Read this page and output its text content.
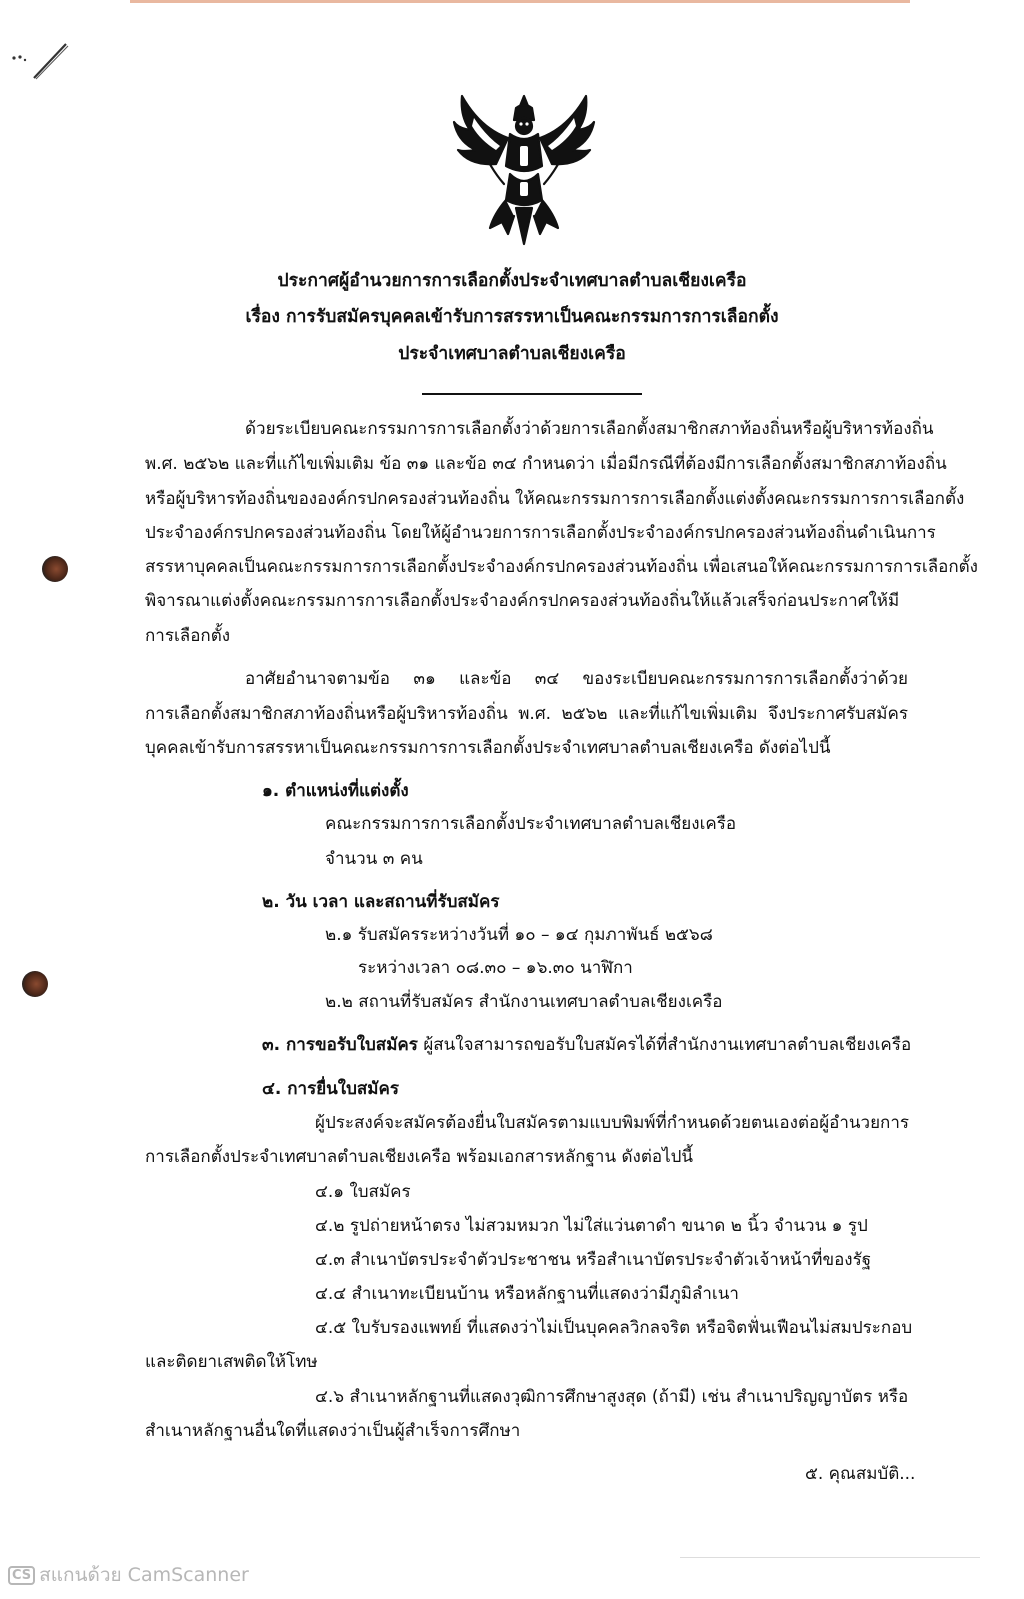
ประกาศผู้อำนวยการการเลือกตั้งประจำเทศบาลตำบลเชียงเครือ
เรื่อง การรับสมัครบุคคลเข้ารับการสรรหาเป็นคณะกรรมการการเลือกตั้ง
ประจำเทศบาลตำบลเชียงเครือ
ด้วยระเบียบคณะกรรมการการเลือกตั้งว่าด้วยการเลือกตั้งสมาชิกสภาท้องถิ่นหรือผู้บริหารท้องถิ่น
พ.ศ. ๒๕๖๒ และที่แก้ไขเพิ่มเติม ข้อ ๓๑ และข้อ ๓๔ กำหนดว่า เมื่อมีกรณีที่ต้องมีการเลือกตั้งสมาชิกสภาท้องถิ่น
หรือผู้บริหารท้องถิ่นขององค์กรปกครองส่วนท้องถิ่น ให้คณะกรรมการการเลือกตั้งแต่งตั้งคณะกรรมการการเลือกตั้ง
ประจำองค์กรปกครองส่วนท้องถิ่น โดยให้ผู้อำนวยการการเลือกตั้งประจำองค์กรปกครองส่วนท้องถิ่นดำเนินการ
สรรหาบุคคลเป็นคณะกรรมการการเลือกตั้งประจำองค์กรปกครองส่วนท้องถิ่น เพื่อเสนอให้คณะกรรมการการเลือกตั้ง
พิจารณาแต่งตั้งคณะกรรมการการเลือกตั้งประจำองค์กรปกครองส่วนท้องถิ่นให้แล้วเสร็จก่อนประกาศให้มี
การเลือกตั้ง
อาศัยอำนาจตามข้อ ๓๑ และข้อ ๓๔ ของระเบียบคณะกรรมการการเลือกตั้งว่าด้วย
การเลือกตั้งสมาชิกสภาท้องถิ่นหรือผู้บริหารท้องถิ่น พ.ศ. ๒๕๖๒ และที่แก้ไขเพิ่มเติม จึงประกาศรับสมัคร
บุคคลเข้ารับการสรรหาเป็นคณะกรรมการการเลือกตั้งประจำเทศบาลตำบลเชียงเครือ ดังต่อไปนี้
๑. ตำแหน่งที่แต่งตั้ง
คณะกรรมการการเลือกตั้งประจำเทศบาลตำบลเชียงเครือ
จำนวน ๓ คน
๒. วัน เวลา และสถานที่รับสมัคร
๒.๑ รับสมัครระหว่างวันที่ ๑๐ – ๑๔ กุมภาพันธ์ ๒๕๖๘
ระหว่างเวลา ๐๘.๓๐ – ๑๖.๓๐ นาฬิกา
๒.๒ สถานที่รับสมัคร สำนักงานเทศบาลตำบลเชียงเครือ
๓. การขอรับใบสมัคร ผู้สนใจสามารถขอรับใบสมัครได้ที่สำนักงานเทศบาลตำบลเชียงเครือ
๔. การยื่นใบสมัคร
ผู้ประสงค์จะสมัครต้องยื่นใบสมัครตามแบบพิมพ์ที่กำหนดด้วยตนเองต่อผู้อำนวยการ
การเลือกตั้งประจำเทศบาลตำบลเชียงเครือ พร้อมเอกสารหลักฐาน ดังต่อไปนี้
๔.๑ ใบสมัคร
๔.๒ รูปถ่ายหน้าตรง ไม่สวมหมวก ไม่ใส่แว่นตาดำ ขนาด ๒ นิ้ว จำนวน ๑ รูป
๔.๓ สำเนาบัตรประจำตัวประชาชน หรือสำเนาบัตรประจำตัวเจ้าหน้าที่ของรัฐ
๔.๔ สำเนาทะเบียนบ้าน หรือหลักฐานที่แสดงว่ามีภูมิลำเนา
๔.๕ ใบรับรองแพทย์ ที่แสดงว่าไม่เป็นบุคคลวิกลจริต หรือจิตฟั่นเฟือนไม่สมประกอบ
และติดยาเสพติดให้โทษ
๔.๖ สำเนาหลักฐานที่แสดงวุฒิการศึกษาสูงสุด (ถ้ามี) เช่น สำเนาปริญญาบัตร หรือ
สำเนาหลักฐานอื่นใดที่แสดงว่าเป็นผู้สำเร็จการศึกษา
๕. คุณสมบัติ...
CS สแกนด้วย CamScanner
